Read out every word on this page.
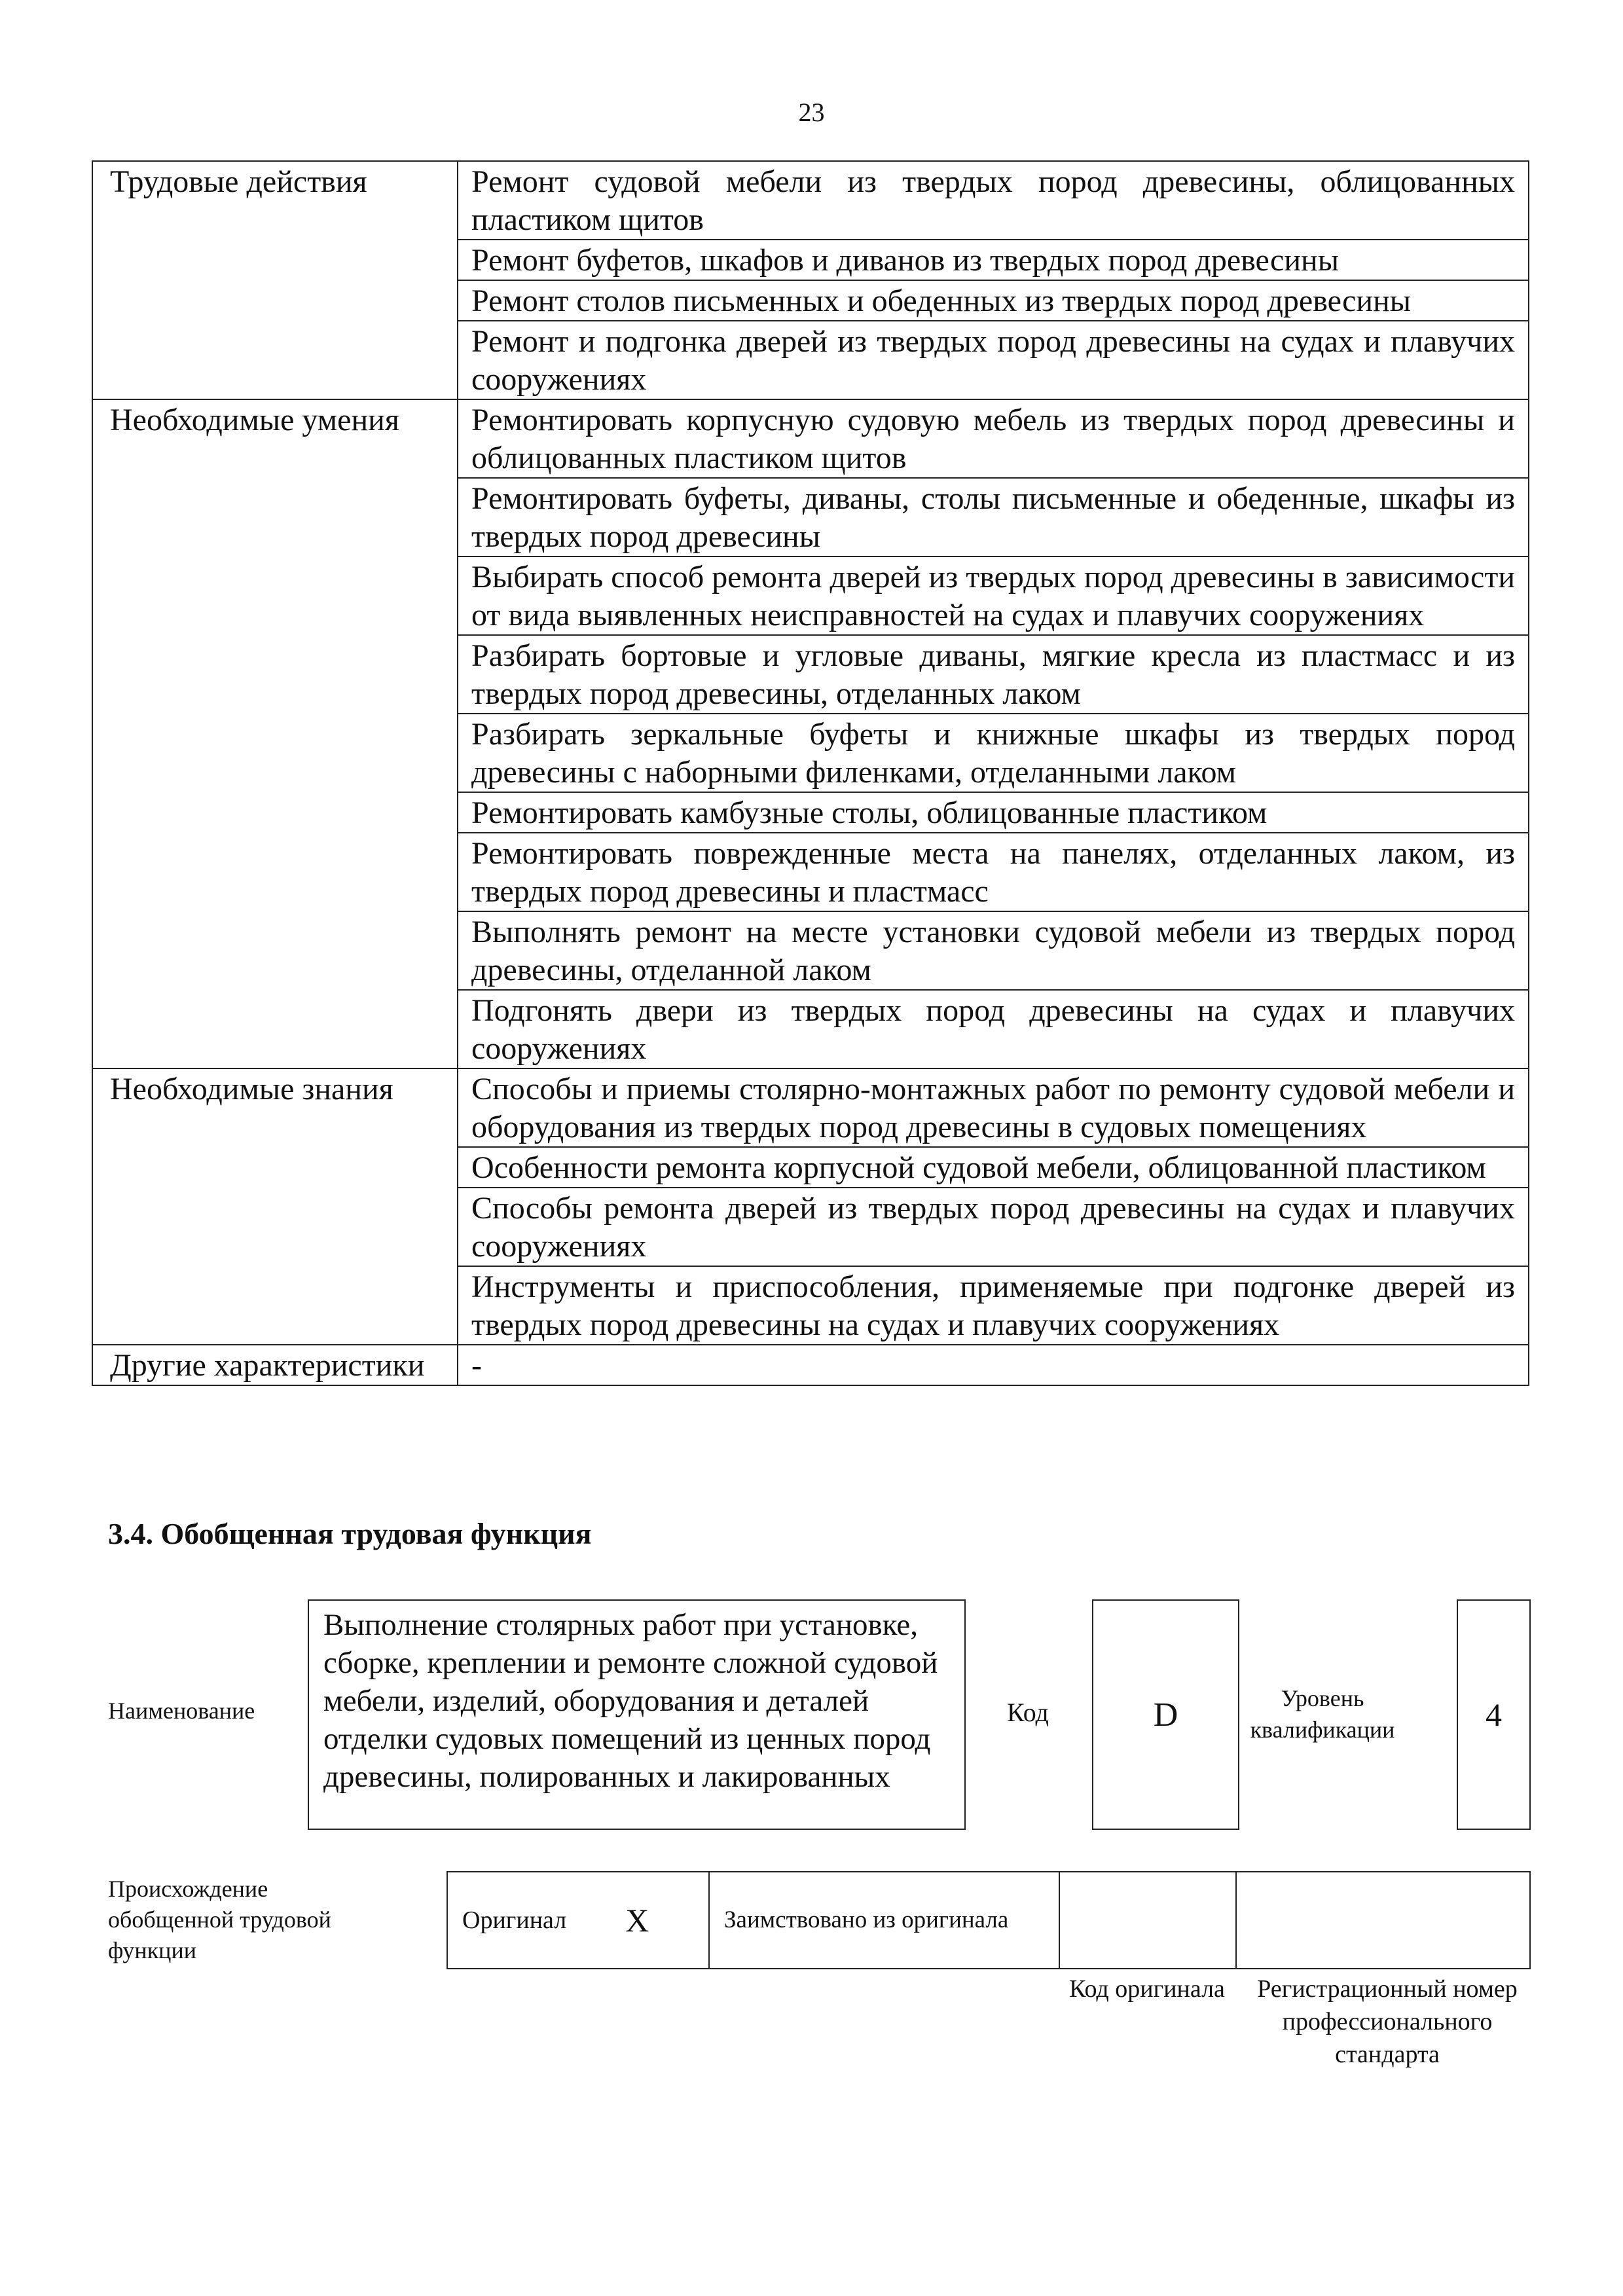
23
Трудовые действия	Ремонт судовой мебели из твердых пород древесины, облицованных пластиком щитов
	Ремонт буфетов, шкафов и диванов из твердых пород древесины
	Ремонт столов письменных и обеденных из твердых пород древесины
	Ремонт и подгонка дверей из твердых пород древесины на судах и плавучих сооружениях
Необходимые умения	Ремонтировать корпусную судовую мебель из твердых пород древесины и облицованных пластиком щитов
	Ремонтировать буфеты, диваны, столы письменные и обеденные, шкафы из твердых пород древесины
	Выбирать способ ремонта дверей из твердых пород древесины в зависимости от вида выявленных неисправностей на судах и плавучих сооружениях
	Разбирать бортовые и угловые диваны, мягкие кресла из пластмасс и из твердых пород древесины, отделанных лаком
	Разбирать зеркальные буфеты и книжные шкафы из твердых пород древесины с наборными филенками, отделанными лаком
	Ремонтировать камбузные столы, облицованные пластиком
	Ремонтировать поврежденные места на панелях, отделанных лаком, из твердых пород древесины и пластмасс
	Выполнять ремонт на месте установки судовой мебели из твердых пород древесины, отделанной лаком
	Подгонять двери из твердых пород древесины на судах и плавучих сооружениях
Необходимые знания	Способы и приемы столярно-монтажных работ по ремонту судовой мебели и оборудования из твердых пород древесины в судовых помещениях
	Особенности ремонта корпусной судовой мебели, облицованной пластиком
	Способы ремонта дверей из твердых пород древесины на судах и плавучих сооружениях
	Инструменты и приспособления, применяемые при подгонке дверей из твердых пород древесины на судах и плавучих сооружениях
Другие характеристики	-
3.4. Обобщенная трудовая функция
Наименование
Выполнение столярных работ при установке, сборке, креплении и ремонте сложной судовой мебели, изделий, оборудования и деталей отделки судовых помещений из ценных пород древесины, полированных и лакированных
Код	D	Уровень квалификации	4
Происхождение обобщенной трудовой функции
Оригинал X	Заимствовано из оригинала
Код оригинала	Регистрационный номер профессионального стандарта
